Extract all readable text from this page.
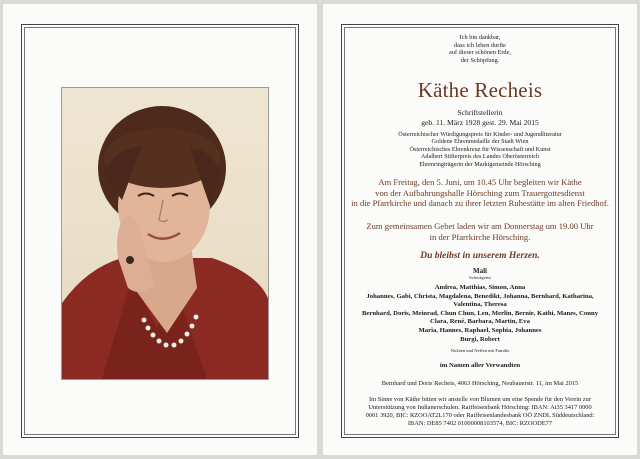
Ich bin dankbar,
dass ich leben durfte
auf dieser schönen Erde,
der Schöpfung.
Käthe Recheis
Schriftstellerin
geb. 11. März 1928 gest. 29. Mai 2015
Österreichischer Würdigungspreis für Kinder- und Jugendliteratur
Goldene Ehrenmedaille der Stadt Wien
Österreichisches Ehrenkreuz für Wissenschaft und Kunst
Adalbert Stifterpreis des Landes Oberösterreich
Ehrenringträgerin der Marktgemeinde Hörsching
Am Freitag, den 5. Juni, um 10.45 Uhr begleiten wir Käthe
von der Aufbahrungshalle Hörsching zum Trauergottesdienst
in die Pfarrkirche und danach zu ihrer letzten Ruhestätte im alten Friedhof.
Zum gemeinsamen Gebet laden wir am Donnerstag um 19.00 Uhr
in der Pfarrkirche Hörsching.
Du bleibst in unserem Herzen.
Mali
Schwägerin
Andrea, Matthias, Simon, Anna
Johannes, Gabi, Christa, Magdalena, Benedikt, Johanna, Bernhard, Katharina,
Valentina, Theresa
Bernhard, Doris, Meinrad, Chun Chun, Len, Merlin, Bernie, Kathi, Manes, Conny
Clara, René, Barbara, Martin, Eva
Maria, Hannes, Raphael, Sophia, Johannes
Burgi, Robert
Nichten und Neffen mit Familie
im Namen aller Verwandten
Bernhard und Doris Recheis, 4063 Hörsching, Neubauerstr. 11, im Mai 2015
Im Sinne von Käthe bitten wir anstelle von Blumen um eine Spende für den Verein zur
Unterstützung von Indianerschulen. Raiffeisenbank Hörsching: IBAN: At35 3417 0000
0001 3920, BIC: RZOOAT2L170 oder Raiffeisenlandesbank OÖ ZNDL Süddeutschland:
IBAN: DE85 7402 01000008103574, BIC: RZOODE77
